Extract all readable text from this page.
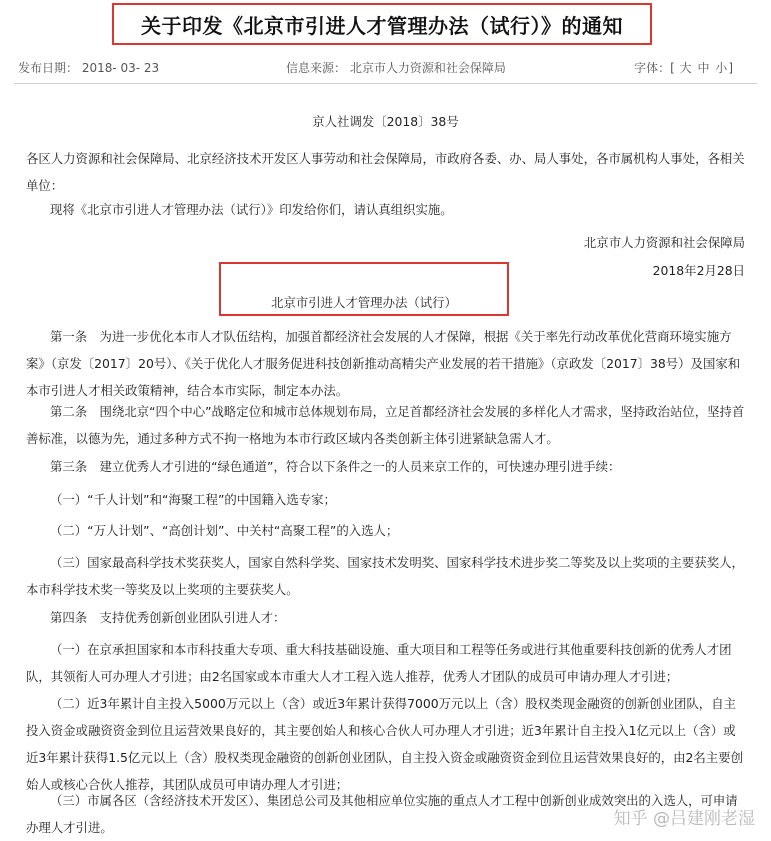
关于印发《北京市引进人才管理办法（试行）》的通知
发布日期： 2018- 03- 23	信息来源： 北京市人力资源和社会保障局	字体：[ 大 中 小]

京人社调发〔2018〕38号

各区人力资源和社会保障局、北京经济技术开发区人事劳动和社会保障局，市政府各委、办、局人事处，各市属机构人事处，各相关单位：

现将《北京市引进人才管理办法（试行）》印发给你们，请认真组织实施。

北京市人力资源和社会保障局

2018年2月28日

北京市引进人才管理办法（试行）

第一条　为进一步优化本市人才队伍结构，加强首都经济社会发展的人才保障，根据《关于率先行动改革优化营商环境实施方案》（京发〔2017〕20号）、《关于优化人才服务促进科技创新推动高精尖产业发展的若干措施》（京政发〔2017〕38号）及国家和本市引进人才相关政策精神，结合本市实际，制定本办法。

第二条　围绕北京“四个中心”战略定位和城市总体规划布局，立足首都经济社会发展的多样化人才需求，坚持政治站位，坚持首善标准，以德为先，通过多种方式不拘一格地为本市行政区域内各类创新主体引进紧缺急需人才。

第三条　建立优秀人才引进的“绿色通道”，符合以下条件之一的人员来京工作的，可快速办理引进手续：

（一）“千人计划”和“海聚工程”的中国籍入选专家；

（二）“万人计划”、“高创计划”、中关村“高聚工程”的入选人；

（三）国家最高科学技术奖获奖人，国家自然科学奖、国家技术发明奖、国家科学技术进步奖二等奖及以上奖项的主要获奖人，本市科学技术奖一等奖及以上奖项的主要获奖人。

第四条　支持优秀创新创业团队引进人才：

（一）在京承担国家和本市科技重大专项、重大科技基础设施、重大项目和工程等任务或进行其他重要科技创新的优秀人才团队，其领衔人可办理人才引进；由2名国家或本市重大人才工程入选人推荐，优秀人才团队的成员可申请办理人才引进；

（二）近3年累计自主投入5000万元以上（含）或近3年累计获得7000万元以上（含）股权类现金融资的创新创业团队，自主投入资金或融资资金到位且运营效果良好的，其主要创始人和核心合伙人可办理人才引进；近3年累计自主投入1亿元以上（含）或近3年累计获得1.5亿元以上（含）股权类现金融资的创新创业团队，自主投入资金或融资资金到位且运营效果良好的，由2名主要创始人或核心合伙人推荐，其团队成员可申请办理人才引进；

（三）市属各区（含经济技术开发区）、集团总公司及其他相应单位实施的重点人才工程中创新创业成效突出的入选人，可申请办理人才引进。	知乎 @吕建刚老湿
